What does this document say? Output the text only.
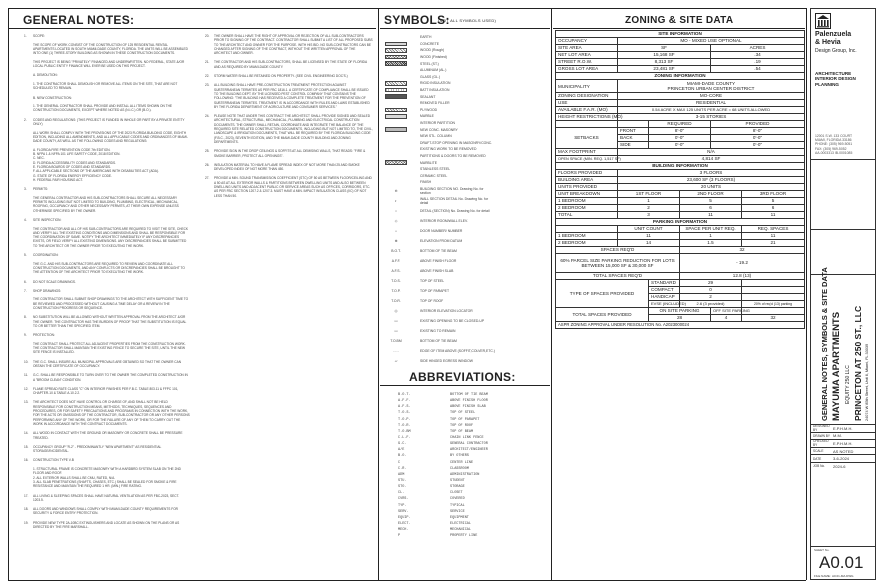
GENERAL NOTES:	SYMBOLS:
(NOT ALL SYMBOLS USED)	ZONING & SITE DATA
ABBREVIATIONS:
1.	SCOPE:

THE SCOPE OF WORK CONSIST OF THE CONSTRUCTION OF 125 RESIDENTIAL RENTAL APARTMENTS LOCATED IN SOUTH MIAMI-DADE COUNTY, FLORIDA. THE UNITS WILL BE ASSEMBLED INTO ONE (1) THREE-STORY BUILDING AS SHOWN IN THESE CONSTRUCTION DOCUMENTS.

THIS PROJECT IS BEING "PRIVATELY" FINANCED AND UNDERWRITTEN. NO FEDERAL, STATE &/OR LOCAL PUBLIC ENTITY FINANCE WILL EVER BE USED ON THIS PROJECT.
A. DEMOLITION:

1. THE CONTRACTOR SHALL DEMOLISH OR REMOVE ALL ITEMS ON THE SITE, THAT ARE NOT SCHEDULED TO REMAIN.
B. NEW CONSTRUCTION:

1. THE GENERAL CONTRACTOR SHALL PROVIDE AND INSTALL ALL ITEMS SHOWN ON THE CONSTRUCTION DOCUMENTS, EXCEPT WHERE NOTED AS (N.I.C.) OR (B.O.).
2.	CODES AND REGULATIONS: (THIS PROJECT IS FUNDED IN WHOLE OR PART BY A PRIVATE ENTITY ONLY)

ALL WORK SHALL COMPLY WITH THE PROVISIONS OF THE 2023 FLORIDA BUILDING CODE, EIGHTH EDITION, INCLUDING ALL AMENDMENTS, AND ALL APPLICABLE CODES AND ORDINANCES OF MIAMI-DADE COUNTY, AS WELL AS THE FOLLOWING CODES AND REGULATIONS:

A. FLORIDA FIRE PREVENTION CODE 7th EDITION.
B. NFPA 1 & NFPA 101 LIFE SAFETY CODE, 2018 EDITION.
C. NEC.
D. FLORIDA ACCESSIBILITY CODES AND STANDARDS.
E. FLORIDA BOARDS OF CODES AND STANDARDS.
F. ALL APPLICABLE SECTIONS OF THE AMERICANS WITH DISABILITIES ACT (ADA).
G. STATE OF FLORIDA ENERGY EFFICIENCY CODE.
H. FEDERAL FAIR HOUSING ACT.
3.	PERMITS:

THE GENERAL CONTRACTOR AND HIS SUB-CONTRACTORS SHALL SECURE ALL NECESSARY PERMITS INCLUDING BUT NOT LIMITED TO BUILDING, PLUMBING, ELECTRICAL, MECHANICAL, ROOFING, OCCUPANCY AND OTHER NECESSARY PERMITS, AT THEIR OWN EXPENSE UNLESS OTHERWISE SPECIFIED BY THE OWNER.
4.	SITE INSPECTION:

THE CONTRACTOR AND ALL OF HIS SUB-CONTRACTORS ARE REQUIRED TO VISIT THE SITE, CHECK AND VERIFY ALL THE EXISTING CONDITIONS AND DIMENSIONS AND SHALL BE RESPONSIBLE FOR THE COORDINATION OF SAME. NOTIFY THE ARCHITECT IMMEDIATELY IF ANY DISCREPANCIES EXISTS, OR FIELD VERIFY ALL EXISTING DIMENSIONS. ANY DISCREPANCIES SHALL BE SUBMITTED TO THE ARCHITECT OR THE OWNER PRIOR TO EXECUTING THE WORK.
5.	COORDINATION:

THE G.C. AND HIS SUB-CONTRACTORS ARE REQUIRED TO REVIEW AND COORDINATE ALL CONSTRUCTION DOCUMENTS, AND ANY CONFLICTS OR DISCREPANCIES SHALL BE BROUGHT TO THE ATTENTION OF THE ARCHITECT PRIOR TO EXECUTING THE WORK.
6.	DO NOT SCALE DRAWINGS.
7.	SHOP DRAWINGS:

THE CONTRACTOR SHALL SUBMIT SHOP DRAWINGS TO THE ARCHITECT WITH SUFFICIENT TIME TO BE REVIEWED AND PROCESSED WITHOUT CAUSING A TIME DELAY OR A REVIEW IN THE CONSTRUCTION PROGRESS OR SEQUENCE.
8.	NO SUBSTITUTION WILL BE ALLOWED WITHOUT WRITTEN APPROVAL FROM THE ARCHITECT &/OR THE OWNER. THE CONTRACTOR HAS THE BURDEN OF PROOF THAT THE SUBSTITUTION IS EQUAL TO OR BETTER THAN THE SPECIFIED ITEM.
9.	PROTECTION:

THE CONTRACT SHALL PROTECT ALL ADJACENT PROPERTIES FROM THE CONSTRUCTION WORK. THE CONTRACTOR SHALL MAINTAIN THE EXISTING FENCE TO SECURE THE SITE, UNTIL THE NEW SITE FENCE IS INSTALLED.
10.	THE G.C. SHALL INSURE ALL MUNICIPAL APPROVALS ARE OBTAINED SO THAT THE OWNER CAN OBTAIN THE CERTIFICATE OF OCCUPANCY.
11.	G.C. SHALL BE RESPONSIBLE TO TURN OVER TO THE OWNER THE COMPLETED CONSTRUCTION IN A "BROOM CLEAN" CONDITION.
12.	FLAME SPREAD RATE CLASS "C" ON INTERIOR FINISHES PER F.B.C. TABLE 803.11 & FFPC 101, CHAPTER-10 & TABLE A.10.2.2.
13.	THE ARCHITECT DOES NOT HAVE CONTROL OR CHARGE OF, AND SHALL NOT BE HELD RESPONSIBLE FOR CONSTRUCTION MEANS, METHODS, TECHNIQUES, SEQUENCES AND PROCEDURES, OR FOR SAFETY PRECAUTIONS AND PROGRAMS IN CONNECTION WITH THE WORK, FOR THE ACTS OR OMISSIONS OF THE CONTRACTOR, SUB-CONTRACTOR OR ANY OTHER PERSONS PERFORMING ANY OF THE WORK, OR FOR THE FAILURE OF ANY OF THEM TO CARRY OUT THE WORK IN ACCORDANCE WITH THE CONTRACT DOCUMENTS.
14.	ALL WOOD IN CONTACT WITH THE GROUND OR MASONRY OR CONCRETE SHALL BE PRESSURE TREATED.
15.	OCCUPANCY GROUP "R-2" - PREDOMINANTLY "NEW APARTMENT" AS RESIDENTIAL STORAGE/INCIDENTAL.
16.	CONSTRUCTION TYPE V-B

1. STRUCTURAL FRAME IS CONCRETE MASONRY WITH A HARDBRD SYSTEM SLAB ON THE 2ND FLOOR AND ROOF.
2. ALL EXTERIOR WALLS SHALL BE CMU, RATED, N/A.
3. ALL SLAB PENETRATIONS (SHAFTS, CHASES, ETC.) SHALL BE SEALED FOR SMOKE & FIRE RESISTANCE AND MAINTAIN THE REQUIRED 1 HR. (MIN.) FIRE RATING.
17.	ALL LIVING & SLEEPING SPACES SHALL HAVE NATURAL VENTILATION AS PER FBC-2023, SECT. 1203.5.
18.	ALL DOORS AND WINDOWS SHALL COMPLY WITH MIAMI-DADE COUNTY REQUIREMENTS FOR SECURITY & FORCE ENTRY PROTECTION.
19.	PROVIDE NEW TYPE 2A-10BC EXTINGUISHERS AND LOCATE AS SHOWN ON THE PLANS OR AS DIRECTED BY THE FIRE MARSHALL.
20.	THE OWNER SHALL HAVE THE RIGHT OF APPROVAL OR REJECTION OF ALL SUB-CONTRACTORS PRIOR TO SIGNING OF THE CONTRACT. CONTRACTOR SHALL SUBMIT A LIST OF ALL PROPOSED SUBS TO THE ARCHITECT AND OWNER FOR THE PURPOSE. WITH HIS BID. NO SUB-CONTRACTORS CAN BE CHANGED AFTER SIGNING OF THE CONTRACT, WITHOUT THE WRITTEN APPROVAL OF THE ARCHITECT AND OWNER.
21.	THE CONTRACTOR AND HIS SUB-CONTRACTORS, SHALL BE LICENSED BY THE STATE OF FLORIDA AND AS REQUIRED BY MIAMI-DADE COUNTY.
22.	STORM WATER SHALL BE RETAINED ON PROPERTY. (SEE CIVIL ENGINEERING DOC'S.)
23.	ALL BUILDING SHALL HAVE PRE-CONSTRUCTION TREATMENT PROTECTION AGAINST SUBTERRANEAN TERMITES AS PER FBC 1816.1. A CERTIFICATE OF COMPLIANCE SHALL BE ISSUED TO THE BUILDING DEPT. BY THE LICENSED PEST CONTROL COMPANY THAT CONTAINS THE FOLLOWING: "THE BUILDING HAS RECEIVED A COMPLETE TREATMENT FOR THE PREVENTION OF SUBTERRANEAN TERMITES. TREATMENT IS IN ACCORDANCE WITH RULES AND LAWS ESTABLISHED BY THE FLORIDA DEPARTMENT OF AGRICULTURE AND CONSUMER SERVICES."
24.	PLEASE NOTE THAT UNDER THIS CONTRACT THE ARCHITECT SHALL PROVIDE SIGNED AND SEALED ARCHITECTURAL, STRUCTURAL, MECHANICAL, PLUMBING AND ELECTRICAL CONSTRUCTION DOCUMENTS. THE OWNER SHALL RETAIN, COORDINATE AND INTEGRATE THE BALANCE OF THE REQUIRED SITE RELATED CONSTRUCTION DOCUMENTS, INCLUDING BUT NOT LIMITED TO, THE CIVIL, LANDSCAPE & IRRIGATION DOCUMENTS, THAT WILL BE REQUIRED BY THE FLORIDA BUILDING CODE (F.B.C., 2023), SEVENTH EDITION, AND THE MIAMI-DADE COUNTY BUILDING AND ZONING DEPARTMENTS.
25.	PROVIDE SIGN IN THE DROP CEILINGS & SOFFITS AT ALL DEMISING WALLS, THAT READS: "FIRE & SMOKE BARRIER, PROTECT ALL OPENINGS".
26.	INSULATION MATERIAL TO HAVE A FLAME SPREAD INDEX OF NOT MORE THAN 25 AND SMOKE DEVELOPED INDEX OF NOT MORE THAN 450.
27.	PROVIDE A MIN. SOUND TRANSMISSION COEFFICIENT (STC) OF 50 AS BETWEEN FLOOR/CEILING AND A 50 AS AT ALL EXTERIOR WALLS & PARTITIONS BETWEEN DWELLING UNITS AND ALSO BETWEEN DWELLING UNITS AND ADJACENT PUBLIC OR SERVICE AREAS SUCH AS OFFICES, CORRIDORS, ETC. AS PER FBC SECTION 1207.2 & 1207.3. MUST HAVE A MIN. IMPACT INSULATION CLASS (IIC) OF NOT LESS THAN 50.
EARTH
CONCRETE
WOOD (Rough)
WOOD (Finished)
STEEL (ST.)
ALUMINUM (AL.)
GLASS (GL.)
RIGID INSULATION
BATT INSULATION
SEALANT
REMOVED FILLER
PLYWOOD
MARBLE
INTERIOR PARTITION
NEW CONC. MASONRY
NEW STL. COLUMN
DRAFT-STOP OPENING IN MASONRY/CONC.
EXISTING WORK TO BE REMOVED
PARTITIONS & DOORS TO BE REMOVED
MARBLITE
STAINLESS STEEL
CERAMIC STEEL
FINISH
⊖	BUILDING SECTION NO. Drawing No. for section
◐	WALL SECTION DETAIL No. Drawing No. for detail
○	DETAIL (SECTION) No. Drawing No. for detail
◇	INTERIOR ROOM/WALL ELEV.
⌂	DOOR NUMBER/ NUMBER
⊕	ELEVATION FROM DATUM
B.O.T.	BOTTOM OF TIE BEAM
A.F.F.	ABOVE FINISH FLOOR
A.F.S.	ABOVE FINISH SLAB
T.O.S.	TOP OF STEEL
T.O.P.	TOP OF PARAPET
T.O.R.	TOP OF ROOF
◎	INTERIOR ELEVATION LOCATOR
▭	EXISTING OPENING TO BE CLOSED-UP
▭	EXISTING TO REMAIN
T.O.BM	BOTTOM OF TIE BEAM
- - -	EDGE OF ITEM ABOVE (SOFFIT,COLVER,ETC.)
▱	SIDE HINGED EGRESS WINDOW
B.O.T.	BOTTOM OF TIE BEAM
A.F.F.	ABOVE FINISH FLOOR
A.F.S.	ABOVE FINISH SLAB
T.O.S.	TOP OF STEEL
T.O.P.	TOP OF PARAPET
T.O.R.	TOP OF ROOF
T.O.BM	TOP OF BEAM
C.L.F.	CHAIN LINK FENCE
G.C.	GENERAL CONTRACTOR
A/E	ARCHITECT/ENGINEER
B.O.	BY OTHERS
C	CENTER LINE
C.R.	CLASSROOM
ADM	ADMINISTRATION
STU.	STUDENT
STO.	STORAGE
CL.	CLOSET
CVRS.	COVERED
TYP.	TYPICAL
SERV.	SERVICE
EQUIP.	EQUIPMENT
ELECT.	ELECTRICAL
MECH.	MECHANICAL
P	PROPERTY LINE
SITE INFORMATION					
OCCUPANCY	MO - MIXED USE OPTIONAL				
SITE AREA	SF			ACRES	
NET LOT AREA	15,168 SF			.34	
STREET R.O.W.	8,313 SF			.19	
GROSS LOT AREA	23,481 SF			.54	
ZONING INFORMATION					
MUNICIPALITY	MIAMI-DADE COUNTY
PRINCETON URBAN CENTER DISTRICT				
ZONING DESIGNATION	MO-CORE				
USE	RESIDENTIAL				
AVAILABLE F.A.R. (MO)	0.54 ACRE X MAX 125 UNITS PER ACRE = 68 UNITS ALLOWED				
HEIGHT RESTRICTIONS (MO)	3-15 STORIES				
		REQUIRED		PROVIDED	
SETBACKS	FRONT	8'-0"		8'-0"	
	BACK	0'-0"		0'-0"	
	SIDE	0'-0"		0'-0"	
MAX FOOTPRINT	N/A				
OPEN SPACE (MIN. REQ. 1,517 SF)	4,814 SF				
BUILDING INFORMATION					
FLOORS PROVIDED	3 FLOORS				
BUILDING AREA	23,600 SF (3 FLOORS)				
UNITS PROVIDED	20 UNITS				
UNIT BREAKDOWN	1ST FLOOR		2ND FLOOR		3RD FLOOR
1 BEDROOM	1		5		5
2 BEDROOM	2		6		6
TOTAL	3		11		11
PARKING INFORMATION					
	UNIT COUNT		SPACE PER UNIT REQ.		REQ. SPACES
1 BEDROOM	11		1		11
2 BEDROOM	14		1.5		21
SPACES REQ'D			32		
60% PARCEL SIZE PARKING REDUCTION FOR LOTS BETWEEN 15,000 SF & 30,000 SF			- 19.2		
TOTAL SPACES REQ'D			12.8 (13)		
TYPE OF SPACES PROVIDED		STANDARD	29		
		COMPACT	0		
		HANDICAP	2		
		EVSE (INCLUDED)	2.6 (3 provided)		20% of req'd (13) parking
TOTAL SPACES PROVIDED		ON SITE PARKING		OFF SITE PARKING	
		28		4	32
ASPR ZONING APPROVAL UNDER RESOLUTION No. A2023000024					
Palenzuela
& Hevia
Design Group, Inc.
ARCHITECTURE
INTERIOR DESIGN
PLANNING
12001 S.W. 133 COURT
MIAMI, FLORIDA 33186
PHONE: (305) 969-5051
FAX: (305) 969-5052
AA-0003313 IB-0001085
GENERAL NOTES, SYMBOLS & SITE DATA MAYUMA APARTMENTS EQUITY 250 LLC PRINCETON AT 250 ST., LLC 24074 W 85th Street, Unit 6, Miami, FL 33039
DESIGNED BY	E.P.H.M.H.
DRAWN BY M.M.
CHECKED BY	E.P.H.M.H.
SCALE	AS NOTED
DATE	3-6-2024
JOB No.	2024-6
SHEET No.
A0.01
FILE NAME: A0.01-MA.DWG
